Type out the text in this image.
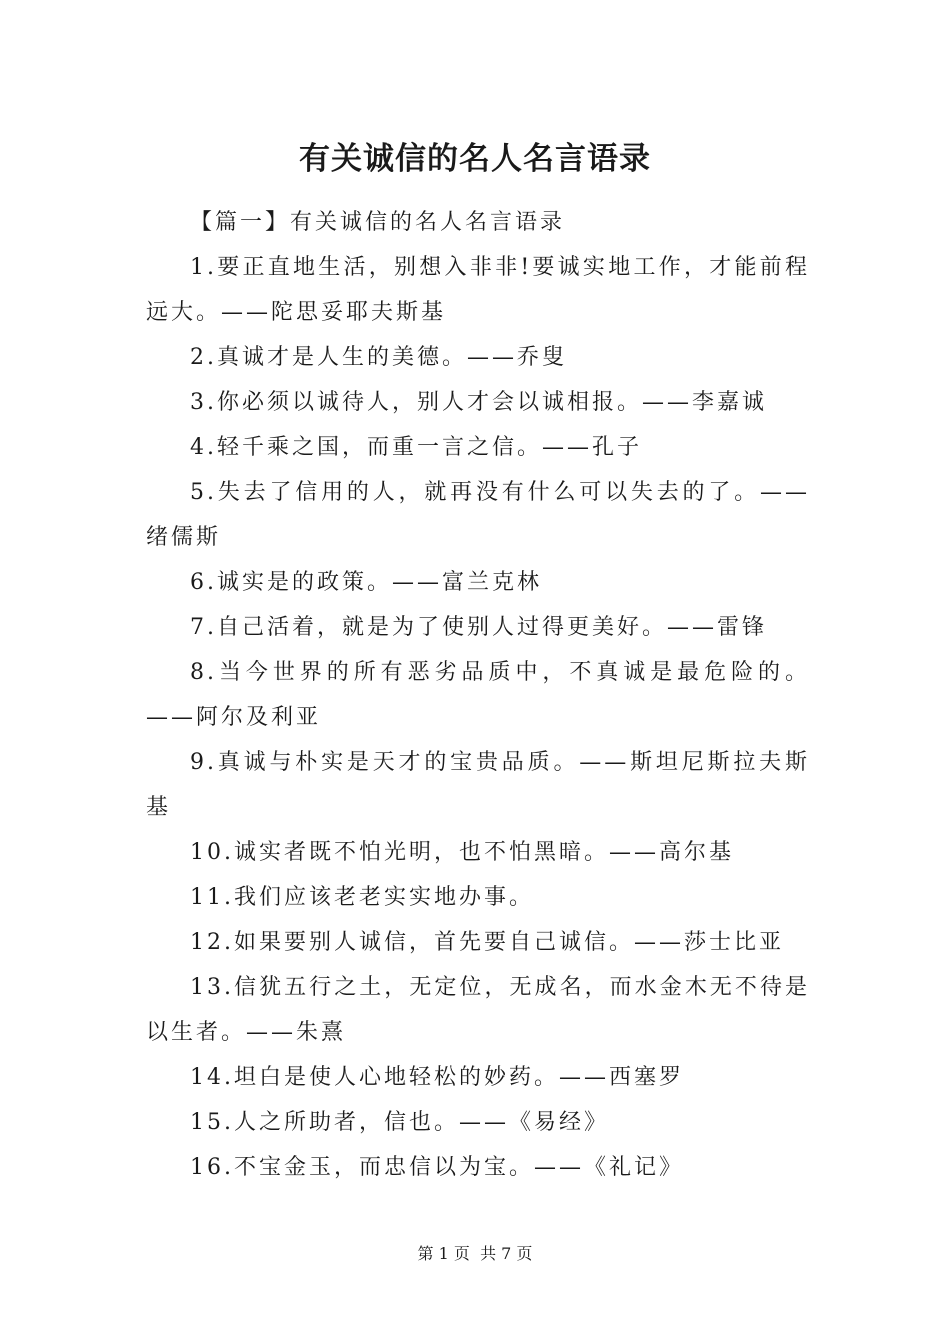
有关诚信的名人名言语录

【篇一】有关诚信的名人名言语录

1.要正直地生活，别想入非非!要诚实地工作，才能前程远大。——陀思妥耶夫斯基

2.真诚才是人生的美德。——乔叟

3.你必须以诚待人，别人才会以诚相报。——李嘉诚

4.轻千乘之国，而重一言之信。——孔子

5.失去了信用的人，就再没有什么可以失去的了。——绪儒斯

6.诚实是的政策。——富兰克林

7.自己活着，就是为了使别人过得更美好。——雷锋

8.当今世界的所有恶劣品质中，不真诚是最危险的。——阿尔及利亚

9.真诚与朴实是天才的宝贵品质。——斯坦尼斯拉夫斯基

10.诚实者既不怕光明，也不怕黑暗。——高尔基

11.我们应该老老实实地办事。

12.如果要别人诚信，首先要自己诚信。——莎士比亚

13.信犹五行之土，无定位，无成名，而水金木无不待是以生者。——朱熹

14.坦白是使人心地轻松的妙药。——西塞罗

15.人之所助者，信也。——《易经》

16.不宝金玉，而忠信以为宝。——《礼记》

第 1 页 共 7 页
